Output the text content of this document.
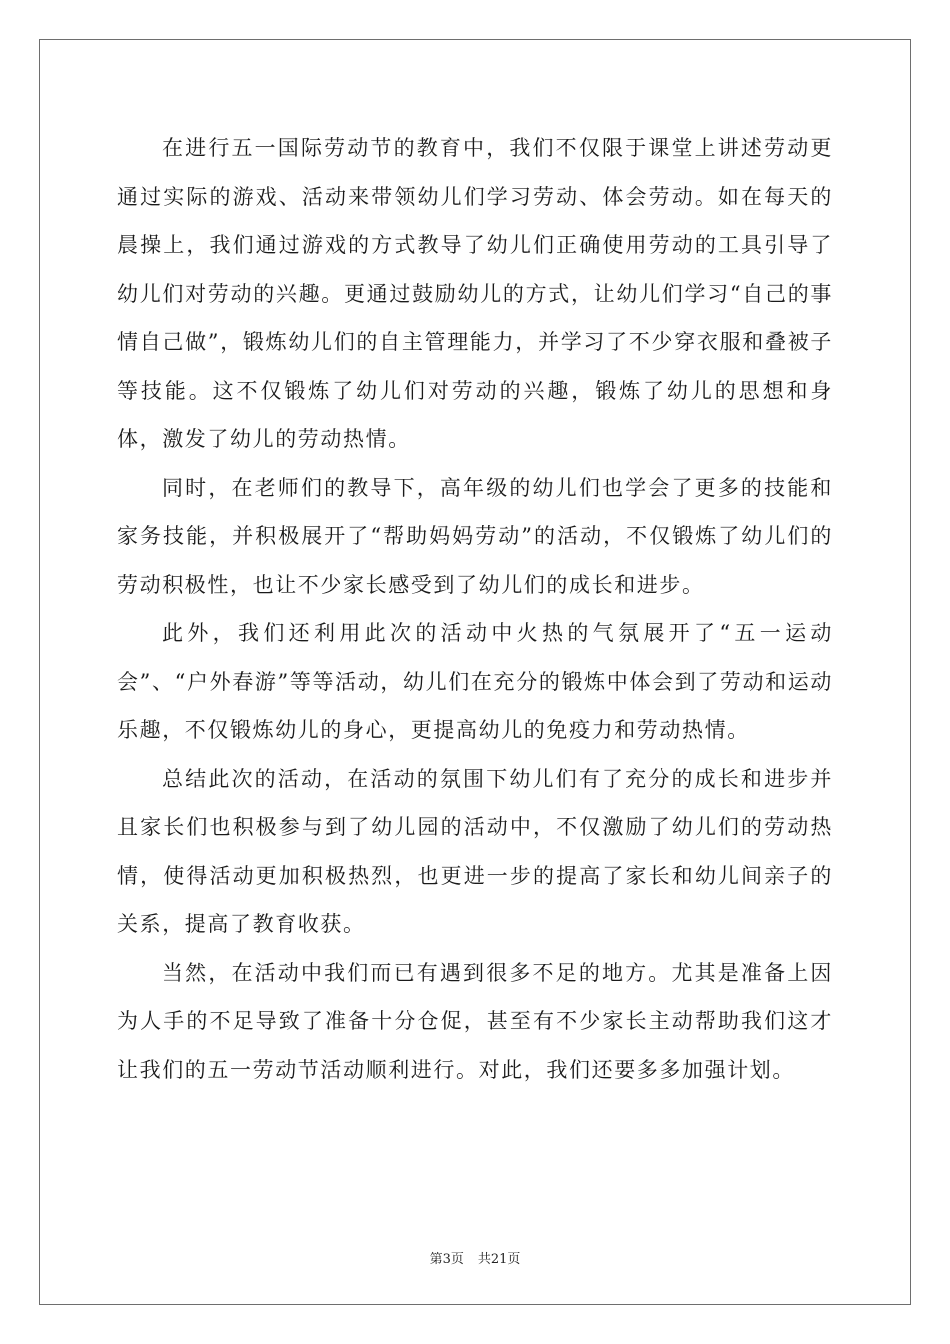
在进行五一国际劳动节的教育中，我们不仅限于课堂上讲述劳动更通过实际的游戏、活动来带领幼儿们学习劳动、体会劳动。如在每天的晨操上，我们通过游戏的方式教导了幼儿们正确使用劳动的工具引导了幼儿们对劳动的兴趣。更通过鼓励幼儿的方式，让幼儿们学习“自己的事情自己做”，锻炼幼儿们的自主管理能力，并学习了不少穿衣服和叠被子等技能。这不仅锻炼了幼儿们对劳动的兴趣，锻炼了幼儿的思想和身体，激发了幼儿的劳动热情。

同时，在老师们的教导下，高年级的幼儿们也学会了更多的技能和家务技能，并积极展开了“帮助妈妈劳动”的活动，不仅锻炼了幼儿们的劳动积极性，也让不少家长感受到了幼儿们的成长和进步。

此外，我们还利用此次的活动中火热的气氛展开了“五一运动会”、“户外春游”等等活动，幼儿们在充分的锻炼中体会到了劳动和运动乐趣，不仅锻炼幼儿的身心，更提高幼儿的免疫力和劳动热情。

总结此次的活动，在活动的氛围下幼儿们有了充分的成长和进步并且家长们也积极参与到了幼儿园的活动中，不仅激励了幼儿们的劳动热情，使得活动更加积极热烈，也更进一步的提高了家长和幼儿间亲子的关系，提高了教育收获。

当然，在活动中我们而已有遇到很多不足的地方。尤其是准备上因为人手的不足导致了准备十分仓促，甚至有不少家长主动帮助我们这才让我们的五一劳动节活动顺利进行。对此，我们还要多多加强计划。

第3页 共21页
